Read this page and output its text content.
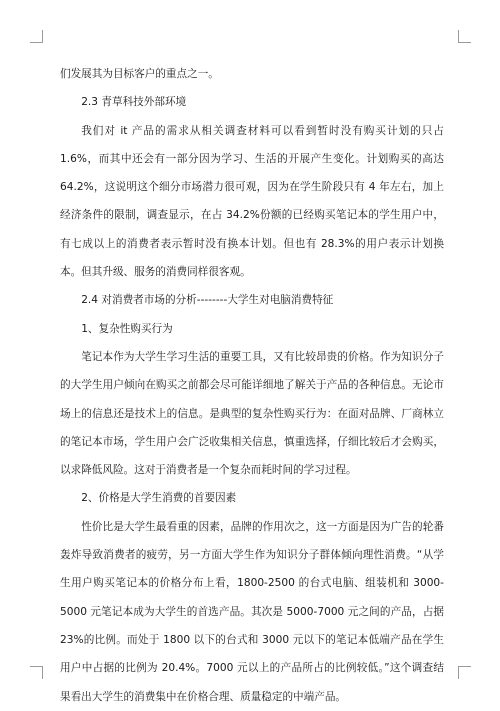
们发展其为目标客户的重点之一。

2.3 青草科技外部环境

我们对 it 产品的需求从相关调查材料可以看到暂时没有购买计划的只占 1.6%，而其中还会有一部分因为学习、生活的开展产生变化。计划购买的高达 64.2%，这说明这个细分市场潜力很可观，因为在学生阶段只有 4 年左右，加上经济条件的限制，调查显示，在占 34.2%份额的已经购买笔记本的学生用户中，有七成以上的消费者表示暂时没有换本计划。但也有 28.3%的用户表示计划换本。但其升级、服务的消费同样很客观。

2.4 对消费者市场的分析--------大学生对电脑消费特征

1、复杂性购买行为

笔记本作为大学生学习生活的重要工具，又有比较昂贵的价格。作为知识分子的大学生用户倾向在购买之前都会尽可能详细地了解关于产品的各种信息。无论市场上的信息还是技术上的信息。是典型的复杂性购买行为：在面对品牌、厂商林立的笔记本市场，学生用户会广泛收集相关信息，慎重选择，仔细比较后才会购买，以求降低风险。这对于消费者是一个复杂而耗时间的学习过程。

2、价格是大学生消费的首要因素

性价比是大学生最看重的因素，品牌的作用次之，这一方面是因为广告的轮番轰炸导致消费者的疲劳，另一方面大学生作为知识分子群体倾向理性消费。“从学生用户购买笔记本的价格分布上看，1800-2500 的台式电脑、组装机和 3000-5000 元笔记本成为大学生的首选产品。其次是 5000-7000 元之间的产品，占据 23%的比例。而处于 1800 以下的台式和 3000 元以下的笔记本低端产品在学生用户中占据的比例为 20.4%。7000 元以上的产品所占的比例较低。”这个调查结果看出大学生的消费集中在价格合理、质量稳定的中端产品。
